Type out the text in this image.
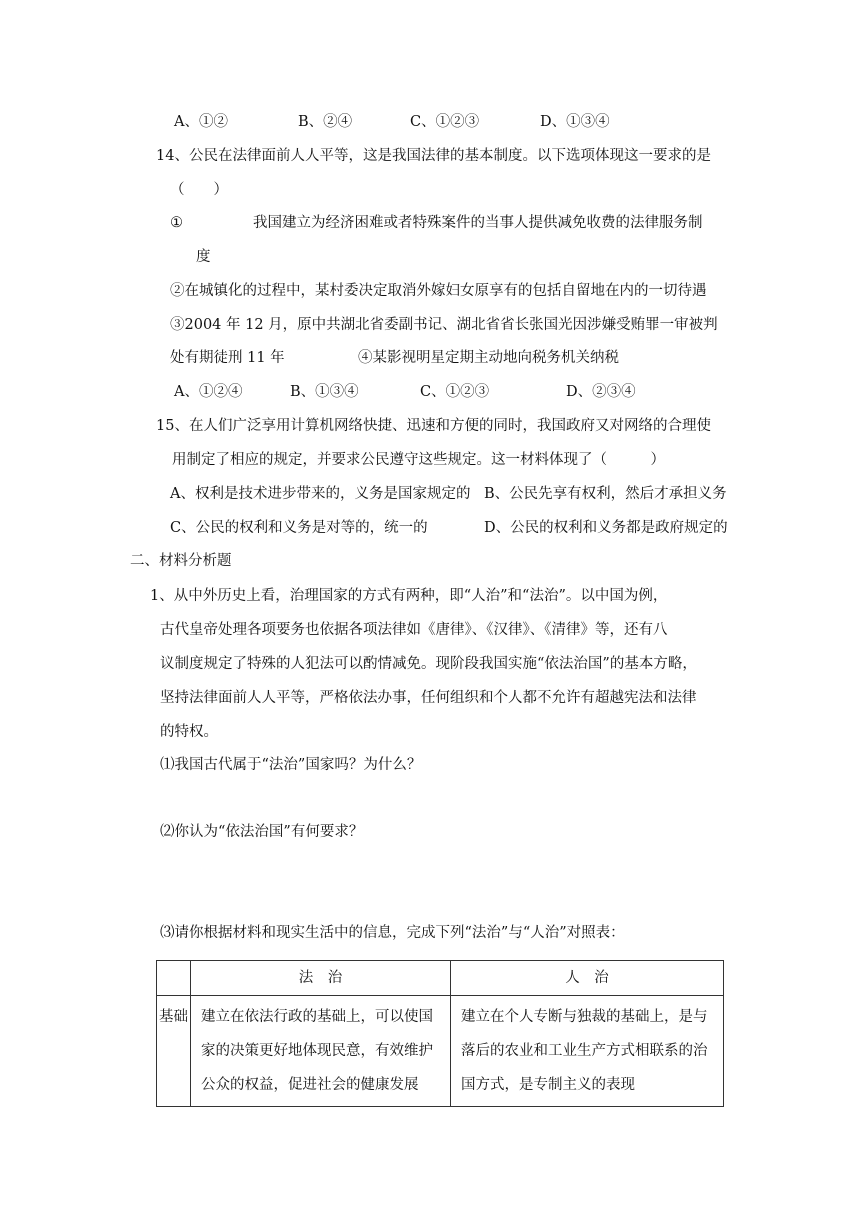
A、①②	B、②④	C、①②③	D、①③④
14、公民在法律面前人人平等，这是我国法律的基本制度。以下选项体现这一要求的是
（　　）
①	我国建立为经济困难或者特殊案件的当事人提供减免收费的法律服务制
度
②在城镇化的过程中，某村委决定取消外嫁妇女原享有的包括自留地在内的一切待遇
③2004 年 12 月，原中共湖北省委副书记、湖北省省长张国光因涉嫌受贿罪一审被判
处有期徒刑 11 年	④某影视明星定期主动地向税务机关纳税
A、①②④	B、①③④	C、①②③	D、②③④
15、在人们广泛享用计算机网络快捷、迅速和方便的同时，我国政府又对网络的合理使
用制定了相应的规定，并要求公民遵守这些规定。这一材料体现了（　　　）
A、权利是技术进步带来的，义务是国家规定的 B、公民先享有权利，然后才承担义务
C、公民的权利和义务是对等的，统一的	D、公民的权利和义务都是政府规定的
二、材料分析题
1、从中外历史上看，治理国家的方式有两种，即“人治”和“法治”。以中国为例，
古代皇帝处理各项要务也依据各项法律如《唐律》、《汉律》、《清律》等，还有八
议制度规定了特殊的人犯法可以酌情减免。现阶段我国实施“依法治国”的基本方略，
坚持法律面前人人平等，严格依法办事，任何组织和个人都不允许有超越宪法和法律
的特权。
⑴我国古代属于“法治”国家吗？为什么？
⑵你认为“依法治国”有何要求？
⑶请你根据材料和现实生活中的信息，完成下列“法治”与“人治”对照表：
	法　治	人　治
基础	建立在依法行政的基础上，可以使国家的决策更好地体现民意，有效维护公众的权益，促进社会的健康发展	建立在个人专断与独裁的基础上，是与落后的农业和工业生产方式相联系的治国方式，是专制主义的表现
